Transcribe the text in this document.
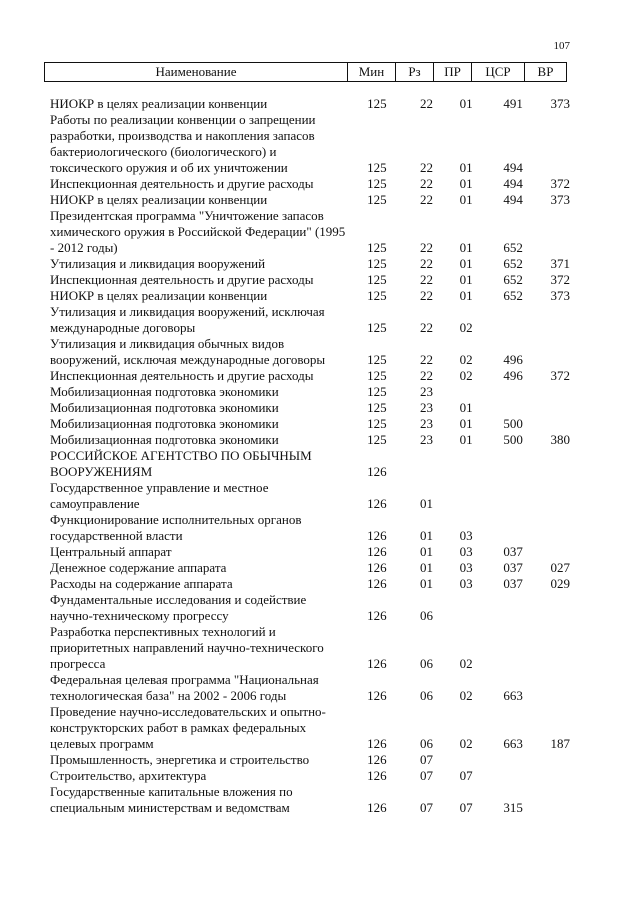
107
Наименование	Мин	Рз	ПР	ЦСР	ВР
НИОКР в целях реализации конвенции	125	22	01	491	373
Работы по реализации конвенции о запрещении разработки, производства и накопления запасов бактериологического (биологического) и токсического оружия и об их уничтожении	125	22	01	494
Инспекционная деятельность и другие расходы	125	22	01	494	372
НИОКР в целях реализации конвенции	125	22	01	494	373
Президентская программа "Уничтожение запасов химического оружия в Российской Федерации" (1995 - 2012 годы)	125	22	01	652
Утилизация и ликвидация вооружений	125	22	01	652	371
Инспекционная деятельность и другие расходы	125	22	01	652	372
НИОКР в целях реализации конвенции	125	22	01	652	373
Утилизация и ликвидация вооружений, исключая международные договоры	125	22	02
Утилизация и ликвидация обычных видов вооружений, исключая международные договоры	125	22	02	496
Инспекционная деятельность и другие расходы	125	22	02	496	372
Мобилизационная подготовка экономики	125	23
Мобилизационная подготовка экономики	125	23	01
Мобилизационная подготовка экономики	125	23	01	500
Мобилизационная подготовка экономики	125	23	01	500	380
РОССИЙСКОЕ АГЕНТСТВО ПО ОБЫЧНЫМ ВООРУЖЕНИЯМ	126
Государственное управление и местное самоуправление	126	01
Функционирование исполнительных органов государственной власти	126	01	03
Центральный аппарат	126	01	03	037
Денежное содержание аппарата	126	01	03	037	027
Расходы на содержание аппарата	126	01	03	037	029
Фундаментальные исследования и содействие научно-техническому прогрессу	126	06
Разработка перспективных технологий и приоритетных направлений научно-технического прогресса	126	06	02
Федеральная целевая программа "Национальная технологическая база" на 2002 - 2006 годы	126	06	02	663
Проведение научно-исследовательских и опытно-конструкторских работ в рамках федеральных целевых программ	126	06	02	663	187
Промышленность, энергетика и строительство	126	07
Строительство, архитектура	126	07	07
Государственные капитальные вложения по специальным министерствам и ведомствам	126	07	07	315
